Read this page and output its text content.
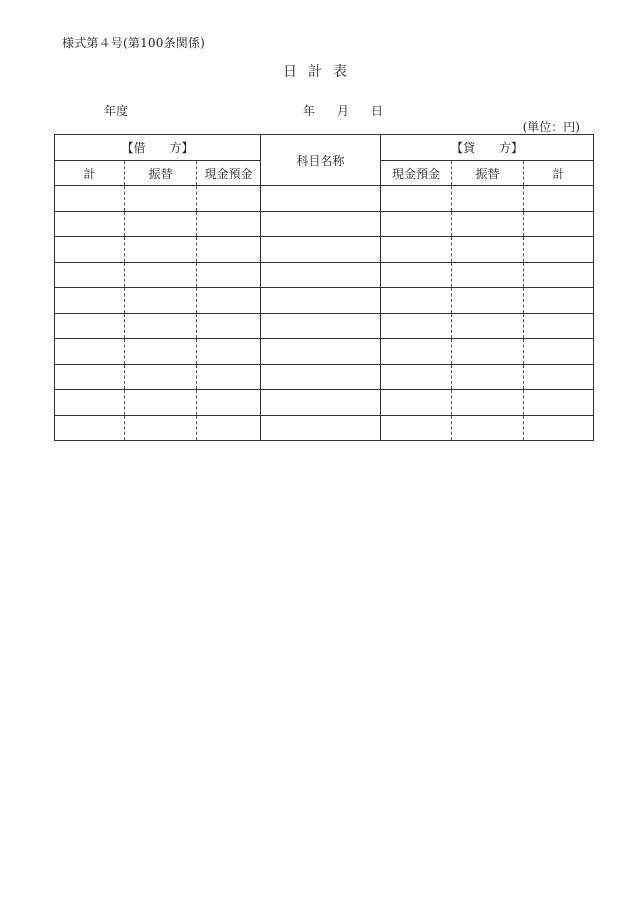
様式第４号(第100条関係)
日計表
年度	年 月 日
(単位：円)
【借　　方】			科目名称	【貸　　方】		
計	振替	現金預金		現金預金	振替	計
